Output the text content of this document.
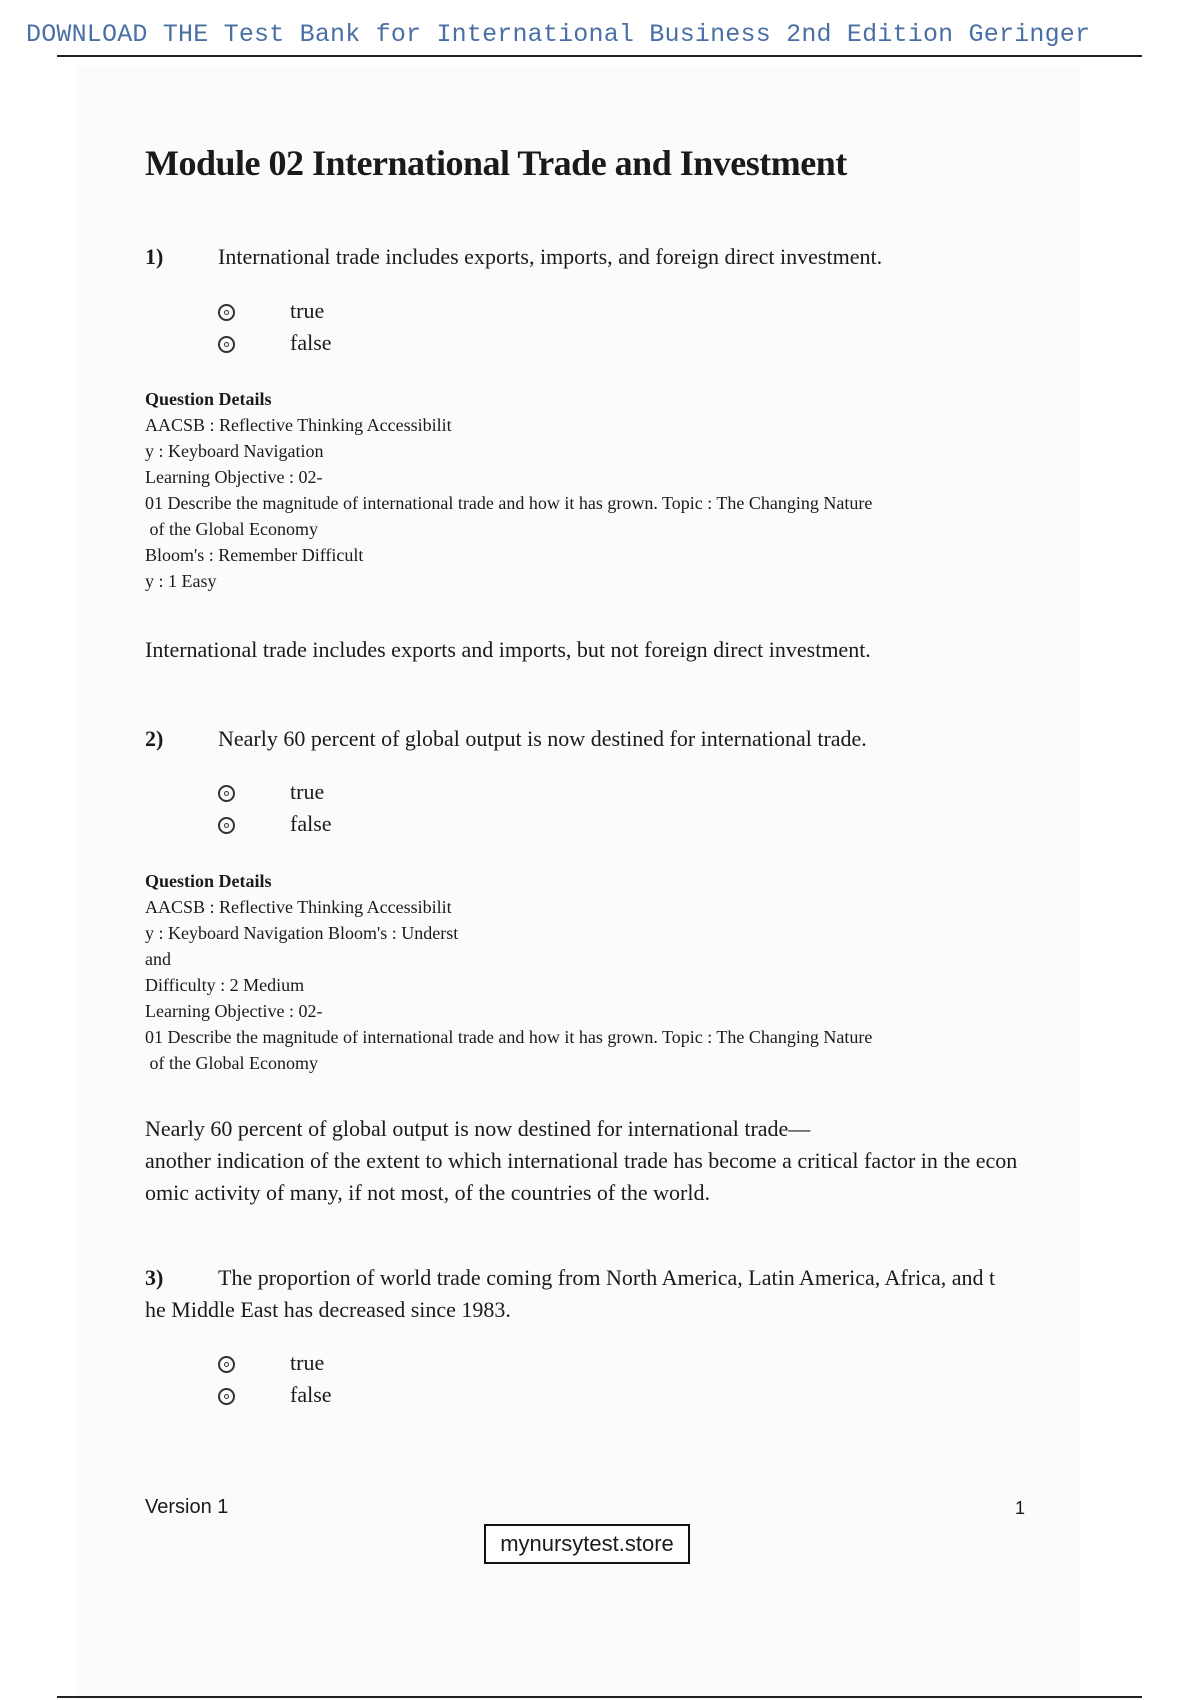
DOWNLOAD THE Test Bank for International Business 2nd Edition Geringer
Module 02 International Trade and Investment
1) International trade includes exports, imports, and foreign direct investment.
true
false
Question Details
AACSB : Reflective Thinking Accessibilit
y : Keyboard Navigation
Learning Objective : 02-
01 Describe the magnitude of international trade and how it has grown. Topic : The Changing Nature
of the Global Economy
Bloom's : Remember Difficult
y : 1 Easy
International trade includes exports and imports, but not foreign direct investment.
2) Nearly 60 percent of global output is now destined for international trade.
true
false
Question Details
AACSB : Reflective Thinking Accessibilit
y : Keyboard Navigation Bloom's : Underst
and
Difficulty : 2 Medium
Learning Objective : 02-
01 Describe the magnitude of international trade and how it has grown. Topic : The Changing Nature
of the Global Economy
Nearly 60 percent of global output is now destined for international trade—
another indication of the extent to which international trade has become a critical factor in the econ
omic activity of many, if not most, of the countries of the world.
3) The proportion of world trade coming from North America, Latin America, Africa, and t
he Middle East has decreased since 1983.
true
false
Version 1	1
mynursytest.store
